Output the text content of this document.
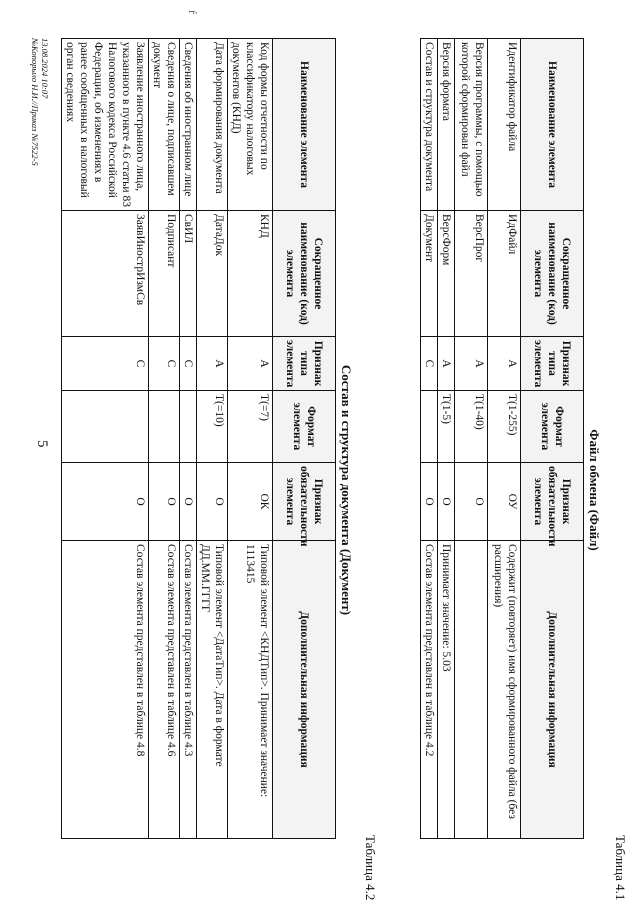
5
Таблица 4.1
Файл обмена (Файл)
Наименование элемента	Сокращенное наименование (код) элемента	Признак типа элемента	Формат элемента	Признак обязательности элемента	Дополнительная информация
Идентификатор файла	ИдФайл	А	T(1-255)	ОУ	Содержит (повторяет) имя сформированного файла (без расширения)
Версия программы, с помощью которой сформирован файл	ВерсПрог	А	T(1-40)	О	
Версия формата	ВерсФорм	А	T(1-5)	О	Принимает значение: 5.03
Состав и структура документа	Документ	С		О	Состав элемента представлен в таблице 4.2
Таблица 4.2
Состав и структура документа (Документ)
Наименование элемента	Сокращенное наименование (код) элемента	Признак типа элемента	Формат элемента	Признак обязательности элемента	Дополнительная информация
Код формы отчетности по классификатору налоговых документов (КНД)	КНД	А	T(=7)	ОК	Типовой элемент <КНДТип>. Принимает значение: 1113415
Дата формирования документа	ДатаДок	А	T(=10)	О	Типовой элемент <ДатаТип>. Дата в формате ДД.ММ.ГГГГ
Сведения об иностранном лице	СвИЛ	С		О	Состав элемента представлен в таблице 4.3
Сведения о лице, подписавшем документ	Подписант	С		О	Состав элемента представлен в таблице 4.6
Заявление иностранного лица, указанного в пункте 4.6 статьи 83 Налогового кодекса Российской Федерации, об изменениях в ранее сообщенных в налоговый орган сведениях	ЗаявИнострИзмСв	С		О	Состав элемента представлен в таблице 4.8
13.08.2024 10:07
№Копорыло Н.И.//Приказ №7522-5
ŕ
